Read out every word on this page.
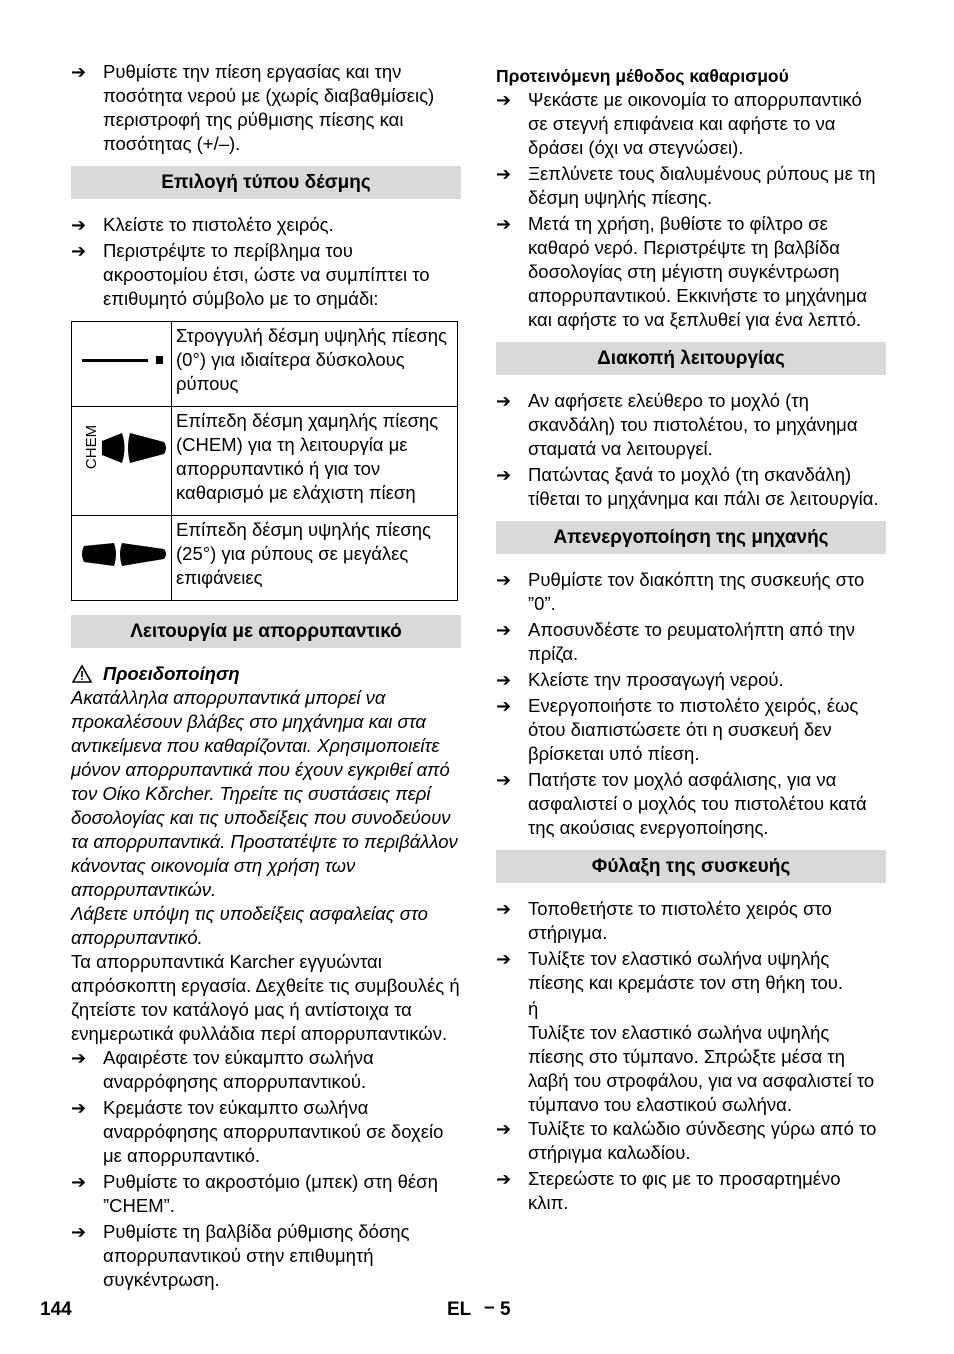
➔ Ρυθμίστε την πίεση εργασίας και την ποσότητα νερού με (χωρίς διαβαθμίσεις) περιστροφή της ρύθμισης πίεσης και ποσότητας (+/–).
Επιλογή τύπου δέσμης
➔ Κλείστε το πιστολέτο χειρός.
➔ Περιστρέψτε το περίβλημα του ακροστομίου έτσι, ώστε να συμπίπτει το επιθυμητό σύμβολο με το σημάδι:
	Στρογγυλή δέσμη υψηλής πίεσης (0°) για ιδιαίτερα δύσκολους ρύπους

CHEM	Επίπεδη δέσμη χαμηλής πίεσης (CHEM) για τη λειτουργία με απορρυπαντικό ή για τον καθαρισμό με ελάχιστη πίεση
	Επίπεδη δέσμη υψηλής πίεσης (25°) για ρύπους σε μεγάλες επιφάνειες
Λειτουργία με απορρυπαντικό
Προειδοποίηση
Ακατάλληλα απορρυπαντικά μπορεί να προκαλέσουν βλάβες στο μηχάνημα και στα αντικείμενα που καθαρίζονται. Χρησιμοποιείτε μόνον απορρυπαντικά που έχουν εγκριθεί από τον Οίκο Kδrcher. Τηρείτε τις συστάσεις περί δοσολογίας και τις υποδείξεις που συνοδεύουν τα απορρυπαντικά. Προστατέψτε το περιβάλλον κάνοντας οικονομία στη χρήση των απορρυπαντικών.
Λάβετε υπόψη τις υποδείξεις ασφαλείας στο απορρυπαντικό.
Τα απορρυπαντικά Karcher εγγυώνται απρόσκοπτη εργασία. Δεχθείτε τις συμβουλές ή ζητείστε τον κατάλογό μας ή αντίστοιχα τα ενημερωτικά φυλλάδια περί απορρυπαντικών.
➔ Αφαιρέστε τον εύκαμπτο σωλήνα αναρρόφησης απορρυπαντικού.
➔ Κρεμάστε τον εύκαμπτο σωλήνα αναρρόφησης απορρυπαντικού σε δοχείο με απορρυπαντικό.
➔ Ρυθμίστε το ακροστόμιο (μπεκ) στη θέση ”CHEM”.
➔ Ρυθμίστε τη βαλβίδα ρύθμισης δόσης απορρυπαντικού στην επιθυμητή συγκέντρωση.
Προτεινόμενη μέθοδος καθαρισμού
➔ Ψεκάστε με οικονομία το απορρυπαντικό σε στεγνή επιφάνεια και αφήστε το να δράσει (όχι να στεγνώσει).
➔ Ξεπλύνετε τους διαλυμένους ρύπους με τη δέσμη υψηλής πίεσης.
➔ Μετά τη χρήση, βυθίστε το φίλτρο σε καθαρό νερό. Περιστρέψτε τη βαλβίδα δοσολογίας στη μέγιστη συγκέντρωση απορρυπαντικού. Εκκινήστε το μηχάνημα και αφήστε το να ξεπλυθεί για ένα λεπτό.
Διακοπή λειτουργίας
➔ Αν αφήσετε ελεύθερο το μοχλό (τη σκανδάλη) του πιστολέτου, το μηχάνημα σταματά να λειτουργεί.
➔ Πατώντας ξανά το μοχλό (τη σκανδάλη) τίθεται το μηχάνημα και πάλι σε λειτουργία.
Απενεργοποίηση της μηχανής
➔ Ρυθμίστε τον διακόπτη της συσκευής στο ”0”.
➔ Αποσυνδέστε το ρευματολήπτη από την πρίζα.
➔ Κλείστε την προσαγωγή νερού.
➔ Ενεργοποιήστε το πιστολέτο χειρός, έως ότου διαπιστώσετε ότι η συσκευή δεν βρίσκεται υπό πίεση.
➔ Πατήστε τον μοχλό ασφάλισης, για να ασφαλιστεί ο μοχλός του πιστολέτου κατά της ακούσιας ενεργοποίησης.
Φύλαξη της συσκευής
➔ Τοποθετήστε το πιστολέτο χειρός στο στήριγμα.
➔ Τυλίξτε τον ελαστικό σωλήνα υψηλής πίεσης και κρεμάστε τον στη θήκη του.
ή
Τυλίξτε τον ελαστικό σωλήνα υψηλής πίεσης στο τύμπανο. Σπρώξτε μέσα τη λαβή του στροφάλου, για να ασφαλιστεί το τύμπανο του ελαστικού σωλήνα.
➔ Τυλίξτε το καλώδιο σύνδεσης γύρω από το στήριγμα καλωδίου.
➔ Στερεώστε το φις με το προσαρτημένο κλιπ.
144	EL – 5
